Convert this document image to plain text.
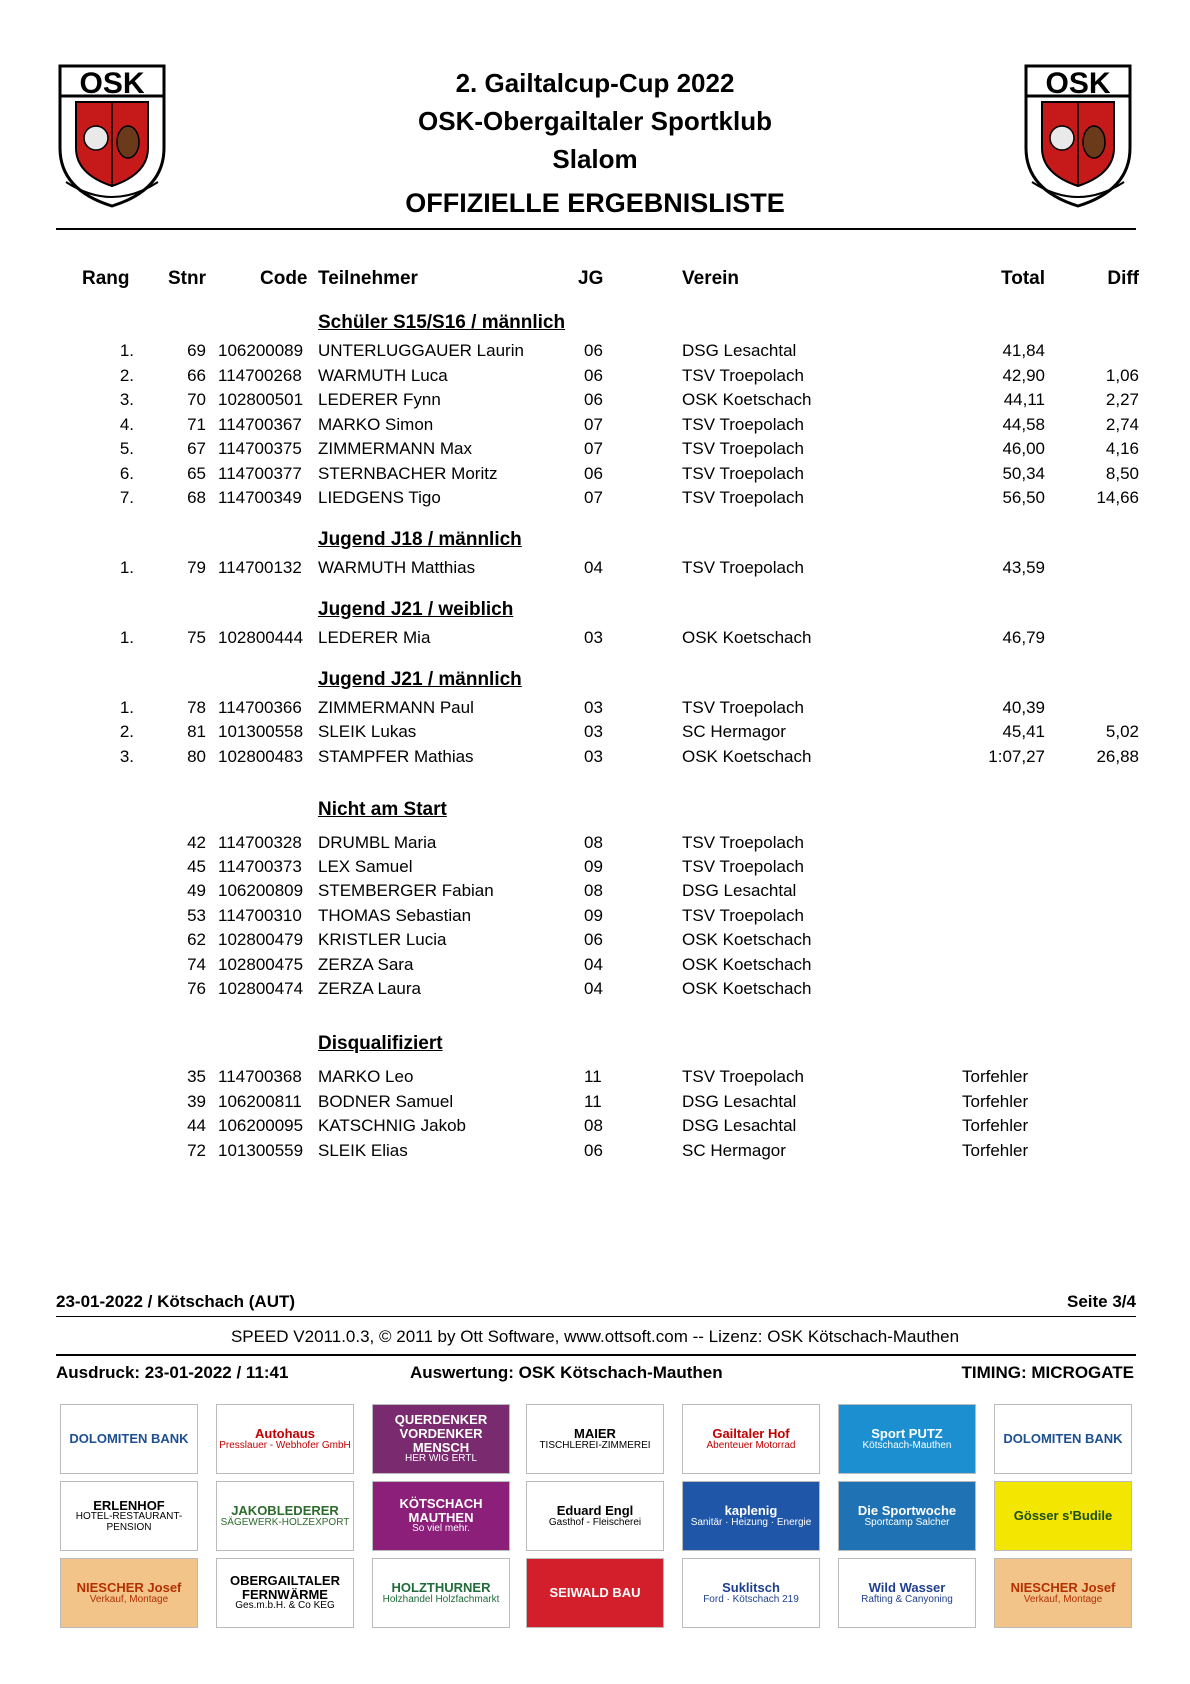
OSK	OSK
2. Gailtalcup-Cup 2022
OSK-Obergailtaler Sportklub
Slalom
OFFIZIELLE ERGEBNISLISTE
Rang Stnr	Code Teilnehmer	JG	Verein	Total	Diff
Schüler S15/S16 / männlich
1.	69 106200089 UNTERLUGGAUER Laurin	06	DSG Lesachtal	41,84
2.	66 114700268 WARMUTH Luca	06	TSV Troepolach	42,90	1,06
3.	70 102800501 LEDERER Fynn	06	OSK Koetschach	44,11	2,27
4.	71 114700367 MARKO Simon	07	TSV Troepolach	44,58	2,74
5.	67 114700375 ZIMMERMANN Max	07	TSV Troepolach	46,00	4,16
6.	65 114700377 STERNBACHER Moritz	06	TSV Troepolach	50,34	8,50
7.	68 114700349 LIEDGENS Tigo	07	TSV Troepolach	56,50	14,66
Jugend J18 / männlich
1.	79 114700132 WARMUTH Matthias	04	TSV Troepolach	43,59
Jugend J21 / weiblich
1.	75 102800444 LEDERER Mia	03	OSK Koetschach	46,79
Jugend J21 / männlich
1.	78 114700366 ZIMMERMANN Paul	03	TSV Troepolach	40,39
2.	81 101300558 SLEIK Lukas	03	SC Hermagor	45,41	5,02
3.	80 102800483 STAMPFER Mathias	03	OSK Koetschach	1:07,27	26,88
Nicht am Start
42 114700328 DRUMBL Maria	08	TSV Troepolach
45 114700373 LEX Samuel	09	TSV Troepolach
49 106200809 STEMBERGER Fabian	08	DSG Lesachtal
53 114700310 THOMAS Sebastian	09	TSV Troepolach
62 102800479 KRISTLER Lucia	06	OSK Koetschach
74 102800475 ZERZA Sara	04	OSK Koetschach
76 102800474 ZERZA Laura	04	OSK Koetschach
Disqualifiziert
35 114700368 MARKO Leo	11	TSV Troepolach	Torfehler
39 106200811 BODNER Samuel	11	DSG Lesachtal	Torfehler
44 106200095 KATSCHNIG Jakob	08	DSG Lesachtal	Torfehler
72 101300559 SLEIK Elias	06	SC Hermagor	Torfehler
23-01-2022 / Kötschach (AUT)	Seite 3/4
SPEED V2011.0.3, © 2011 by Ott Software, www.ottsoft.com -- Lizenz: OSK Kötschach-Mauthen
Ausdruck: 23-01-2022 / 11:41	Auswertung: OSK Kötschach-Mauthen	TIMING: MICROGATE
DOLOMITEN BANK	Autohaus
Presslauer - Webhofer GmbH
QUERDENKER VORDENKER MENSCH
HER WIG ERTL
MAIER
TISCHLEREI-ZIMMEREI
Gailtaler Hof
Abenteuer Motorrad
Sport PUTZ
Kötschach-Mauthen	DOLOMITEN BANK
ERLENHOF
HOTEL-RESTAURANT-PENSION
JAKOBLEDERER
SÄGEWERK-HOLZEXPORT
KÖTSCHACH MAUTHEN
So viel mehr.
Eduard Engl
Gasthof - Fleischerei
kaplenig
Sanitär · Heizung · Energie
Die Sportwoche
Sportcamp Salcher	Gösser s'Budile
NIESCHER Josef
Verkauf, Montage
OBERGAILTALER FERNWÄRME
Ges.m.b.H. & Co KEG
HOLZTHURNER
Holzhandel Holzfachmarkt	SEIWALD BAU	Suklitsch
Ford · Kötschach 219
Wild Wasser
Rafting & Canyoning
NIESCHER Josef
Verkauf, Montage
